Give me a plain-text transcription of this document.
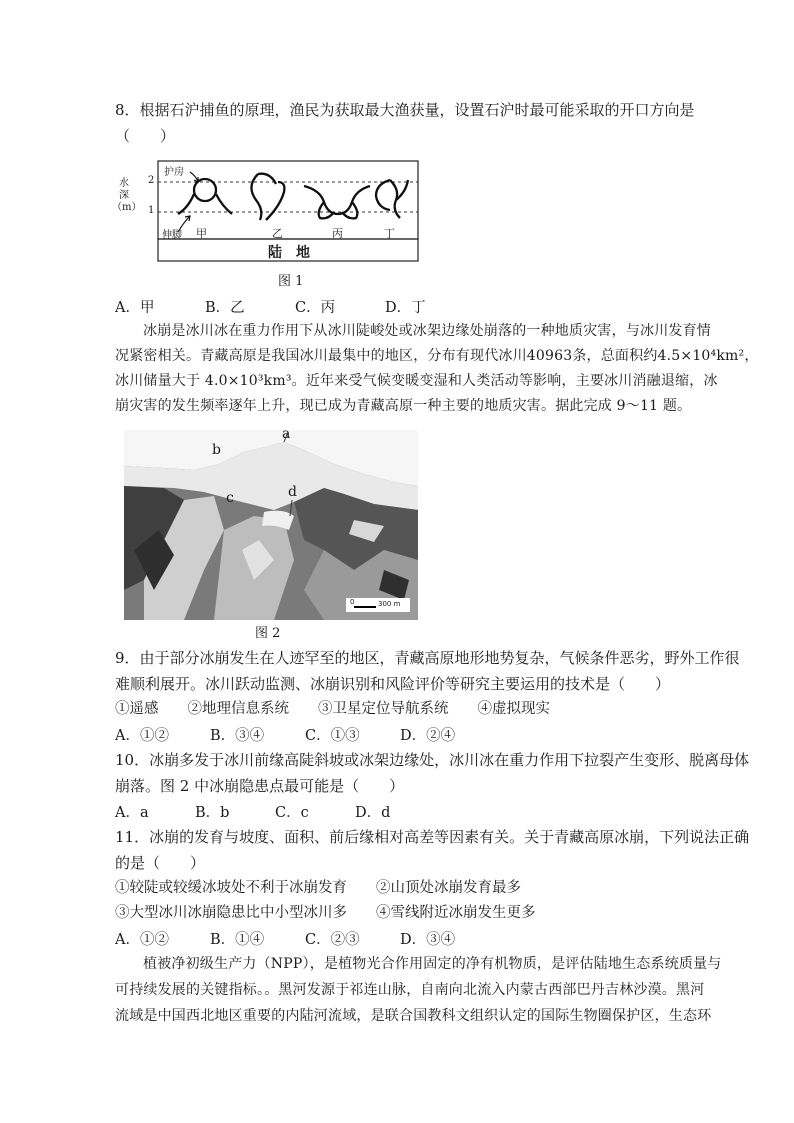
8．根据石沪捕鱼的原理，渔民为获取最大渔获量，设置石沪时最可能采取的开口方向是
（　　）
水
深
（m）
2
1
护房
伸脚 甲	乙	丙	丁
陆　地
图 1
A．甲	B．乙	C．丙	D．丁
冰崩是冰川冰在重力作用下从冰川陡峻处或冰架边缘处崩落的一种地质灾害，与冰川发育情
况紧密相关。青藏高原是我国冰川最集中的地区，分布有现代冰川40963条，总面积约4.5×10⁴km²，
冰川储量大于 4.0×10³km³。近年来受气候变暖变湿和人类活动等影响，主要冰川消融退缩，冰
崩灾害的发生频率逐年上升，现已成为青藏高原一种主要的地质灾害。据此完成 9～11 题。
a
b
c	d
0	300 m
图 2
9．由于部分冰崩发生在人迹罕至的地区，青藏高原地形地势复杂，气候条件恶劣，野外工作很
难顺利展开。冰川跃动监测、冰崩识别和风险评价等研究主要运用的技术是（　　）
①遥感　　②地理信息系统　　③卫星定位导航系统　　④虚拟现实
A．①②	B．③④	C．①③	D．②④
10．冰崩多发于冰川前缘高陡斜坡或冰架边缘处，冰川冰在重力作用下拉裂产生变形、脱离母体
崩落。图 2 中冰崩隐患点最可能是（　　）
A．a	B．b	C．c	D．d
11．冰崩的发育与坡度、面积、前后缘相对高差等因素有关。关于青藏高原冰崩，下列说法正确
的是（　　）
①较陡或较缓冰坡处不利于冰崩发育　　②山顶处冰崩发育最多
③大型冰川冰崩隐患比中小型冰川多　　④雪线附近冰崩发生更多
A．①②	B．①④	C．②③	D．③④
植被净初级生产力（NPP），是植物光合作用固定的净有机物质，是评估陆地生态系统质量与
可持续发展的关键指标。。黑河发源于祁连山脉，自南向北流入内蒙古西部巴丹吉林沙漠。黑河
流域是中国西北地区重要的内陆河流域，是联合国教科文组织认定的国际生物圈保护区，生态环
